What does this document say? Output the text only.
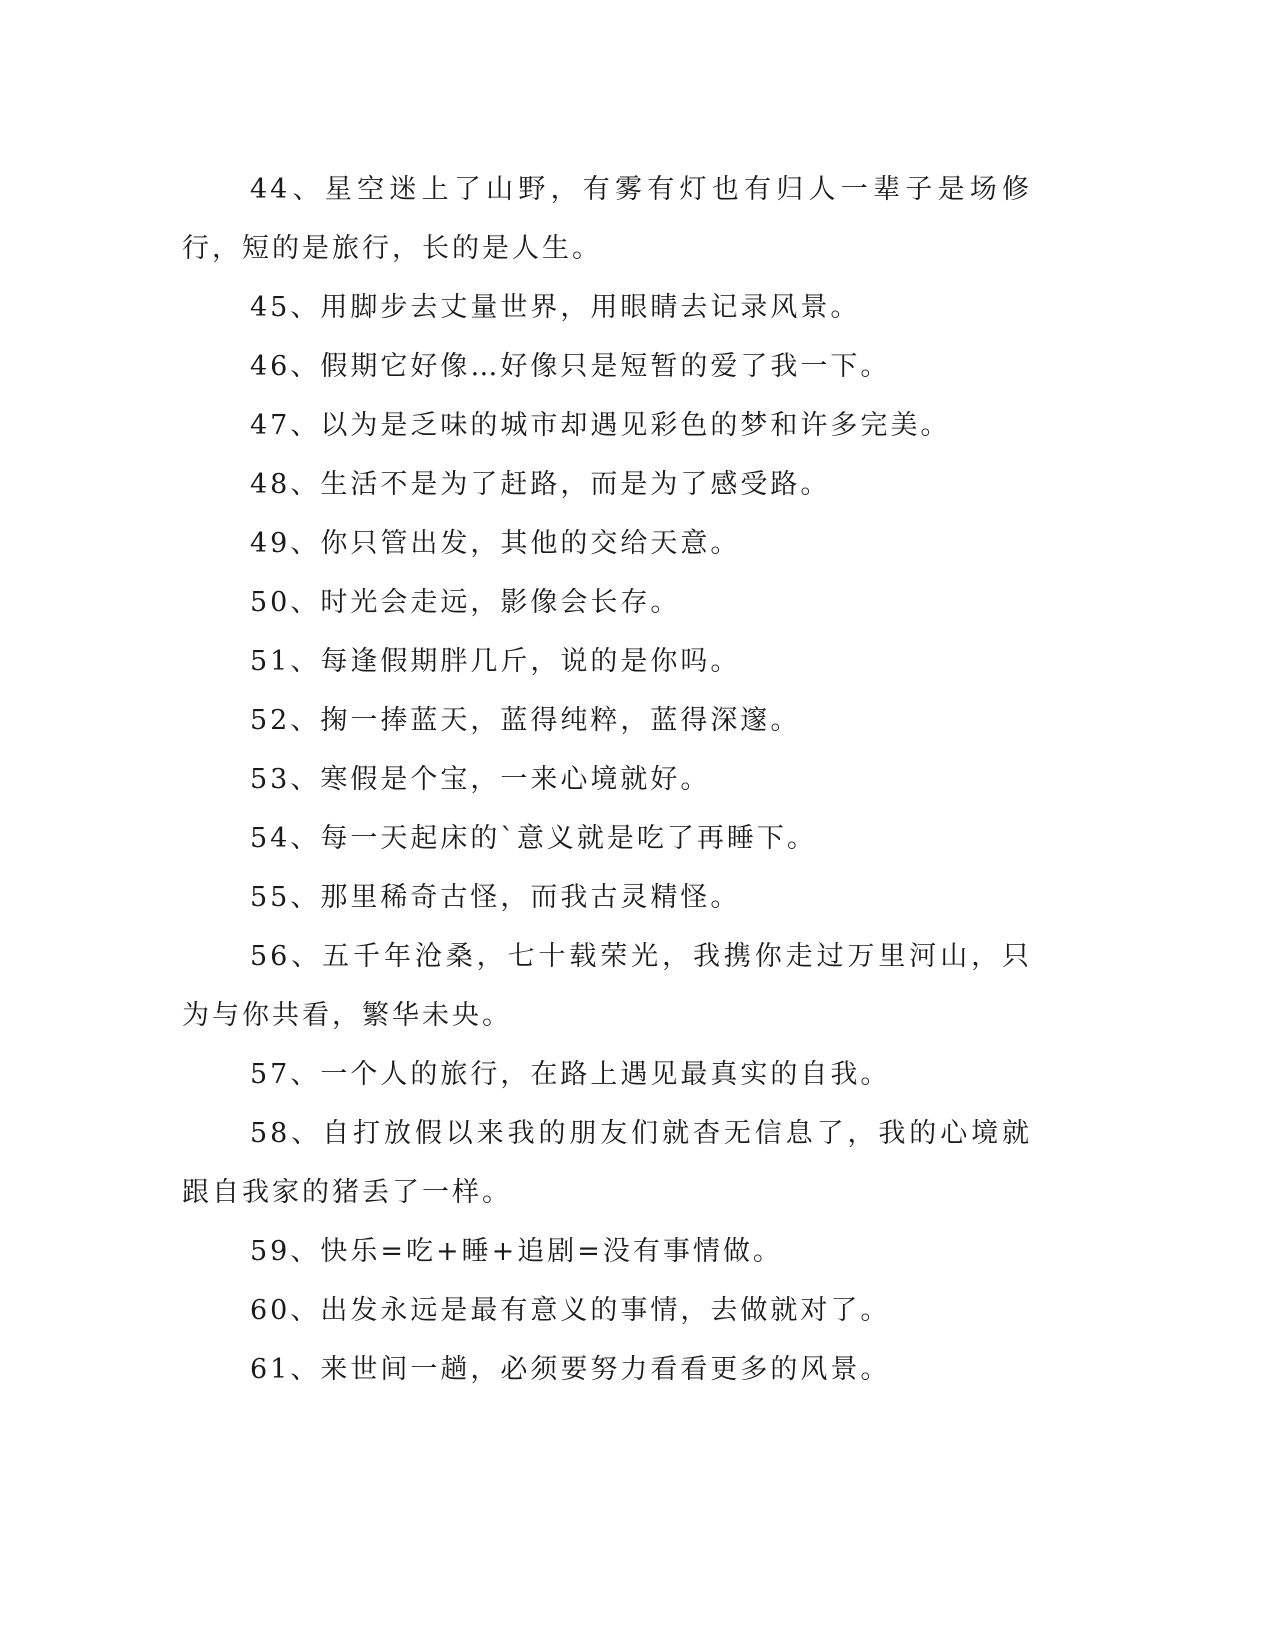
44、星空迷上了山野，有雾有灯也有归人一辈子是场修行，短的是旅行，长的是人生。

45、用脚步去丈量世界，用眼睛去记录风景。

46、假期它好像…好像只是短暂的爱了我一下。

47、以为是乏味的城市却遇见彩色的梦和许多完美。

48、生活不是为了赶路，而是为了感受路。

49、你只管出发，其他的交给天意。

50、时光会走远，影像会长存。

51、每逢假期胖几斤，说的是你吗。

52、掬一捧蓝天，蓝得纯粹，蓝得深邃。

53、寒假是个宝，一来心境就好。

54、每一天起床的`意义就是吃了再睡下。

55、那里稀奇古怪，而我古灵精怪。

56、五千年沧桑，七十载荣光，我携你走过万里河山，只为与你共看，繁华未央。

57、一个人的旅行，在路上遇见最真实的自我。

58、自打放假以来我的朋友们就杳无信息了，我的心境就跟自我家的猪丢了一样。

59、快乐=吃+睡+追剧=没有事情做。

60、出发永远是最有意义的事情，去做就对了。

61、来世间一趟，必须要努力看看更多的风景。
